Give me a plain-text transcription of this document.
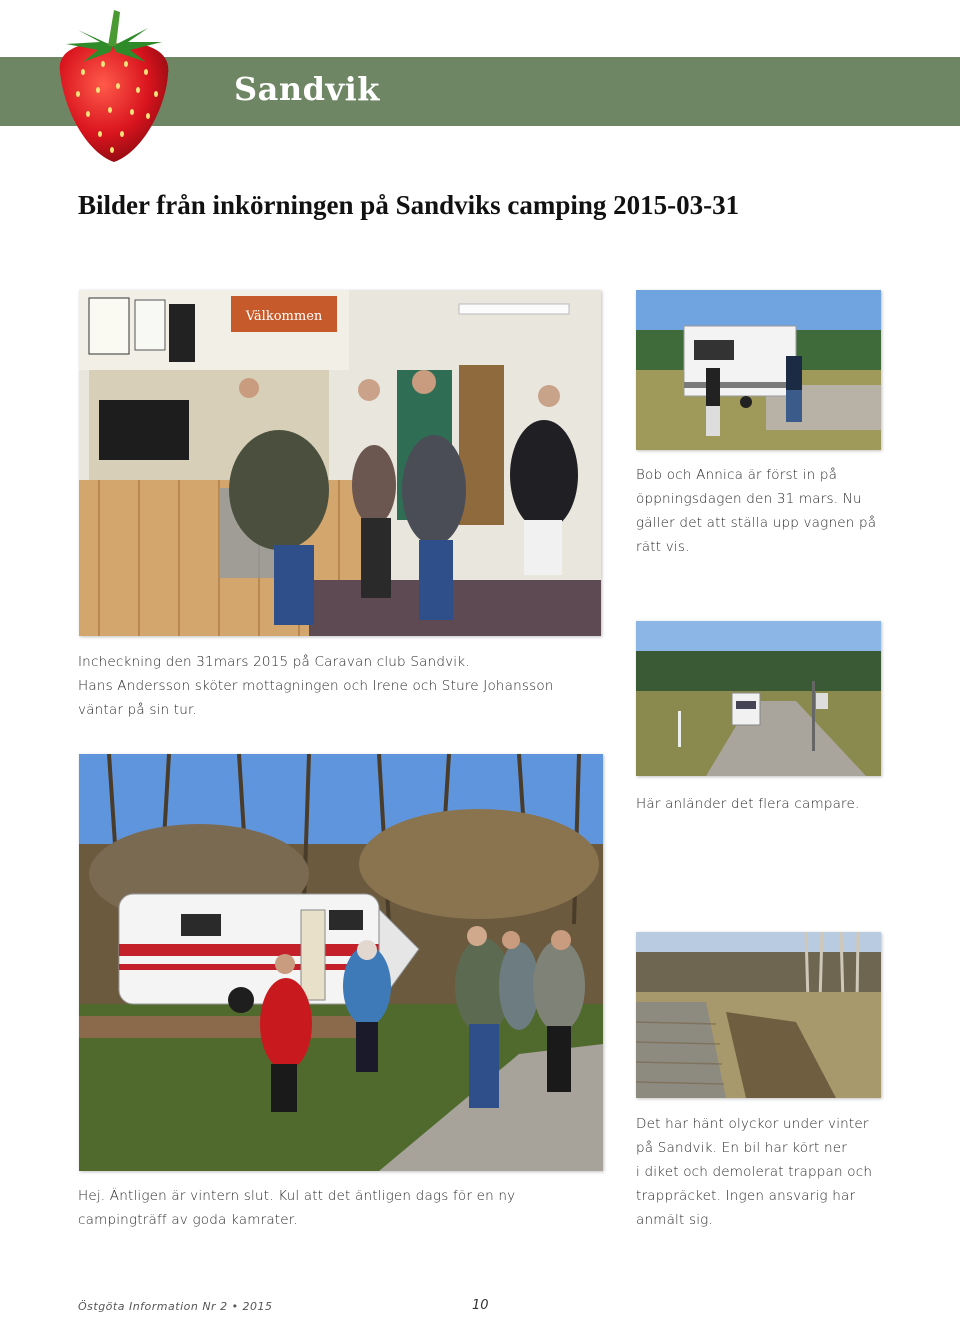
Sandvik
Bilder från inkörningen på Sandviks camping 2015-03-31
Välkommen

Incheckning den 31mars 2015 på Caravan club Sandvik.
Hans Andersson sköter mottagningen och Irene och Sture Johansson
väntar på sin tur.

Bob och Annica är först in på
öppningsdagen den 31 mars. Nu
gäller det att ställa upp vagnen på
rätt vis.

Här anländer det flera campare.

Hej. Äntligen är vintern slut. Kul att det äntligen dags för en ny
campingträff av goda kamrater.

Det har hänt olyckor under vinter
på Sandvik. En bil har kört ner
i diket och demolerat trappan och
trappräcket. Ingen ansvarig har
anmält sig.

Östgöta Information Nr 2 • 2015	10
